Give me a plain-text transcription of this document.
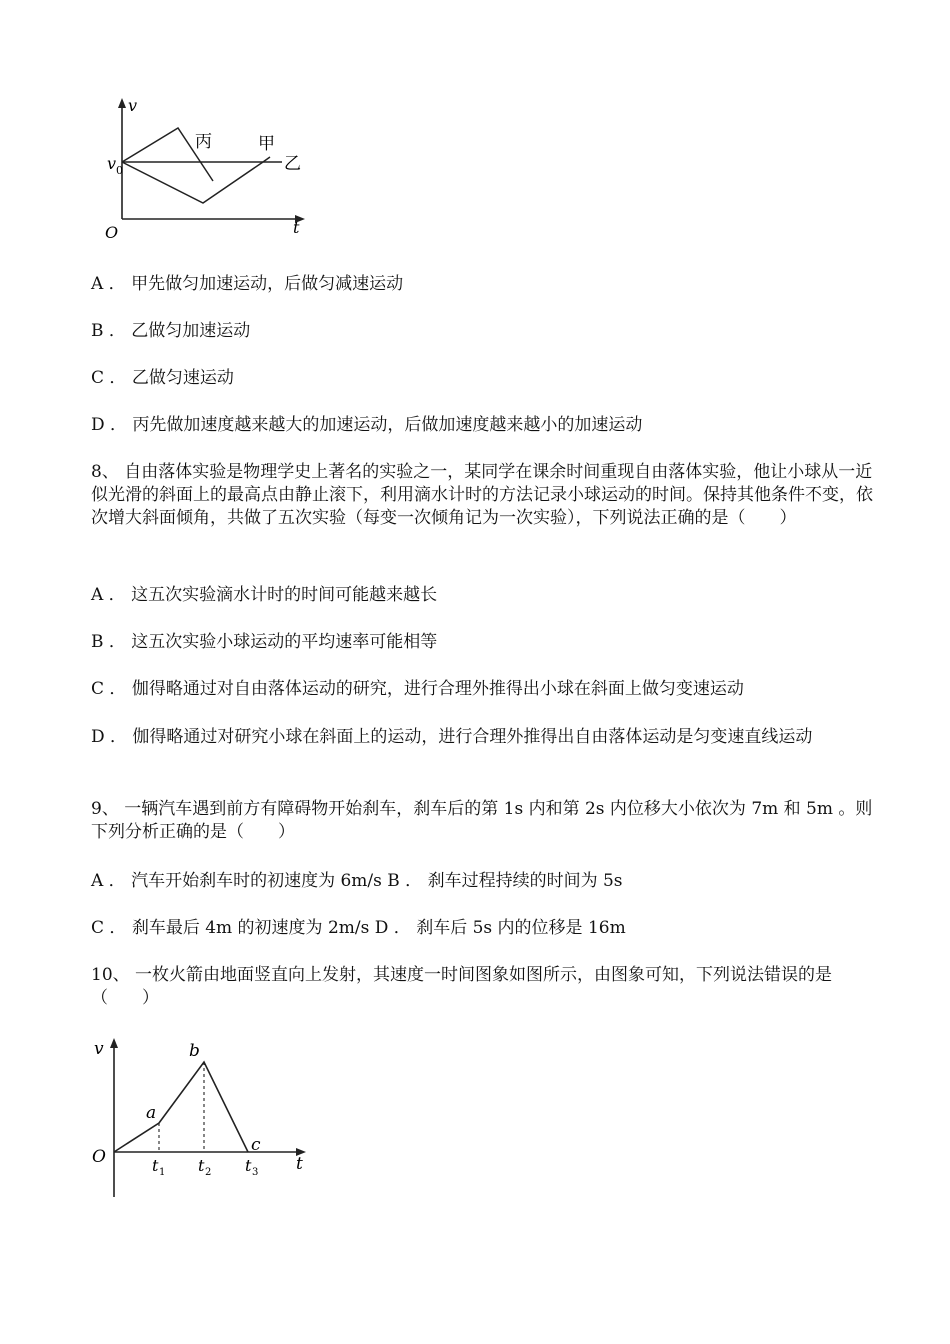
v
t
O
v 0
丙	甲
乙
A ． 甲先做匀加速运动，后做匀减速运动
B ． 乙做匀加速运动
C ． 乙做匀速运动
D ． 丙先做加速度越来越大的加速运动，后做加速度越来越小的加速运动
8、 自由落体实验是物理学史上著名的实验之一，某同学在课余时间重现自由落体实验，他让小球从一近似光滑的斜面上的最高点由静止滚下，利用滴水计时的方法记录小球运动的时间。保持其他条件不变，依次增大斜面倾角，共做了五次实验（每变一次倾角记为一次实验），下列说法正确的是（　　）
A ． 这五次实验滴水计时的时间可能越来越长
B ． 这五次实验小球运动的平均速率可能相等
C ． 伽得略通过对自由落体运动的研究，进行合理外推得出小球在斜面上做匀变速运动
D ． 伽得略通过对研究小球在斜面上的运动，进行合理外推得出自由落体运动是匀变速直线运动
9、 一辆汽车遇到前方有障碍物开始刹车，刹车后的第 1s 内和第 2s 内位移大小依次为 7m 和 5m 。则下列分析正确的是（　　）
A ． 汽车开始刹车时的初速度为 6m/s B ． 刹车过程持续的时间为 5s
C ． 刹车最后 4m 的初速度为 2m/s D ． 刹车后 5s 内的位移是 16m
10、 一枚火箭由地面竖直向上发射，其速度一时间图象如图所示，由图象可知，下列说法错误的是（　　）
v
t
O
a
b
c
t 1 t 2 t 3
